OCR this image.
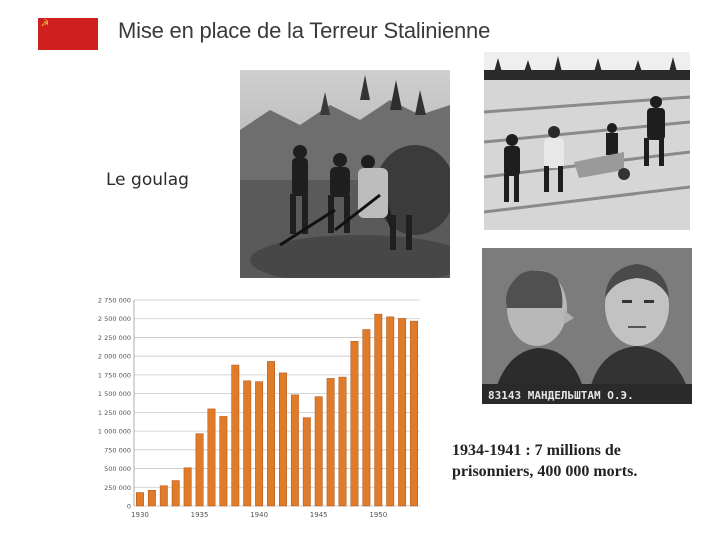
☭	Mise en place de la Terreur Stalinienne
Le goulag
83143 МАНДЕЛЬШТАМ О.Э.
0
250 000
500 000
750 000
1 000 000
1 250 000
1 500 000
1 750 000
2 000 000
2 250 000
2 500 000
2 750 000
1930	1935	1940	1945	1950
1934-1941 : 7 millions de
prisonniers, 400 000 morts.
